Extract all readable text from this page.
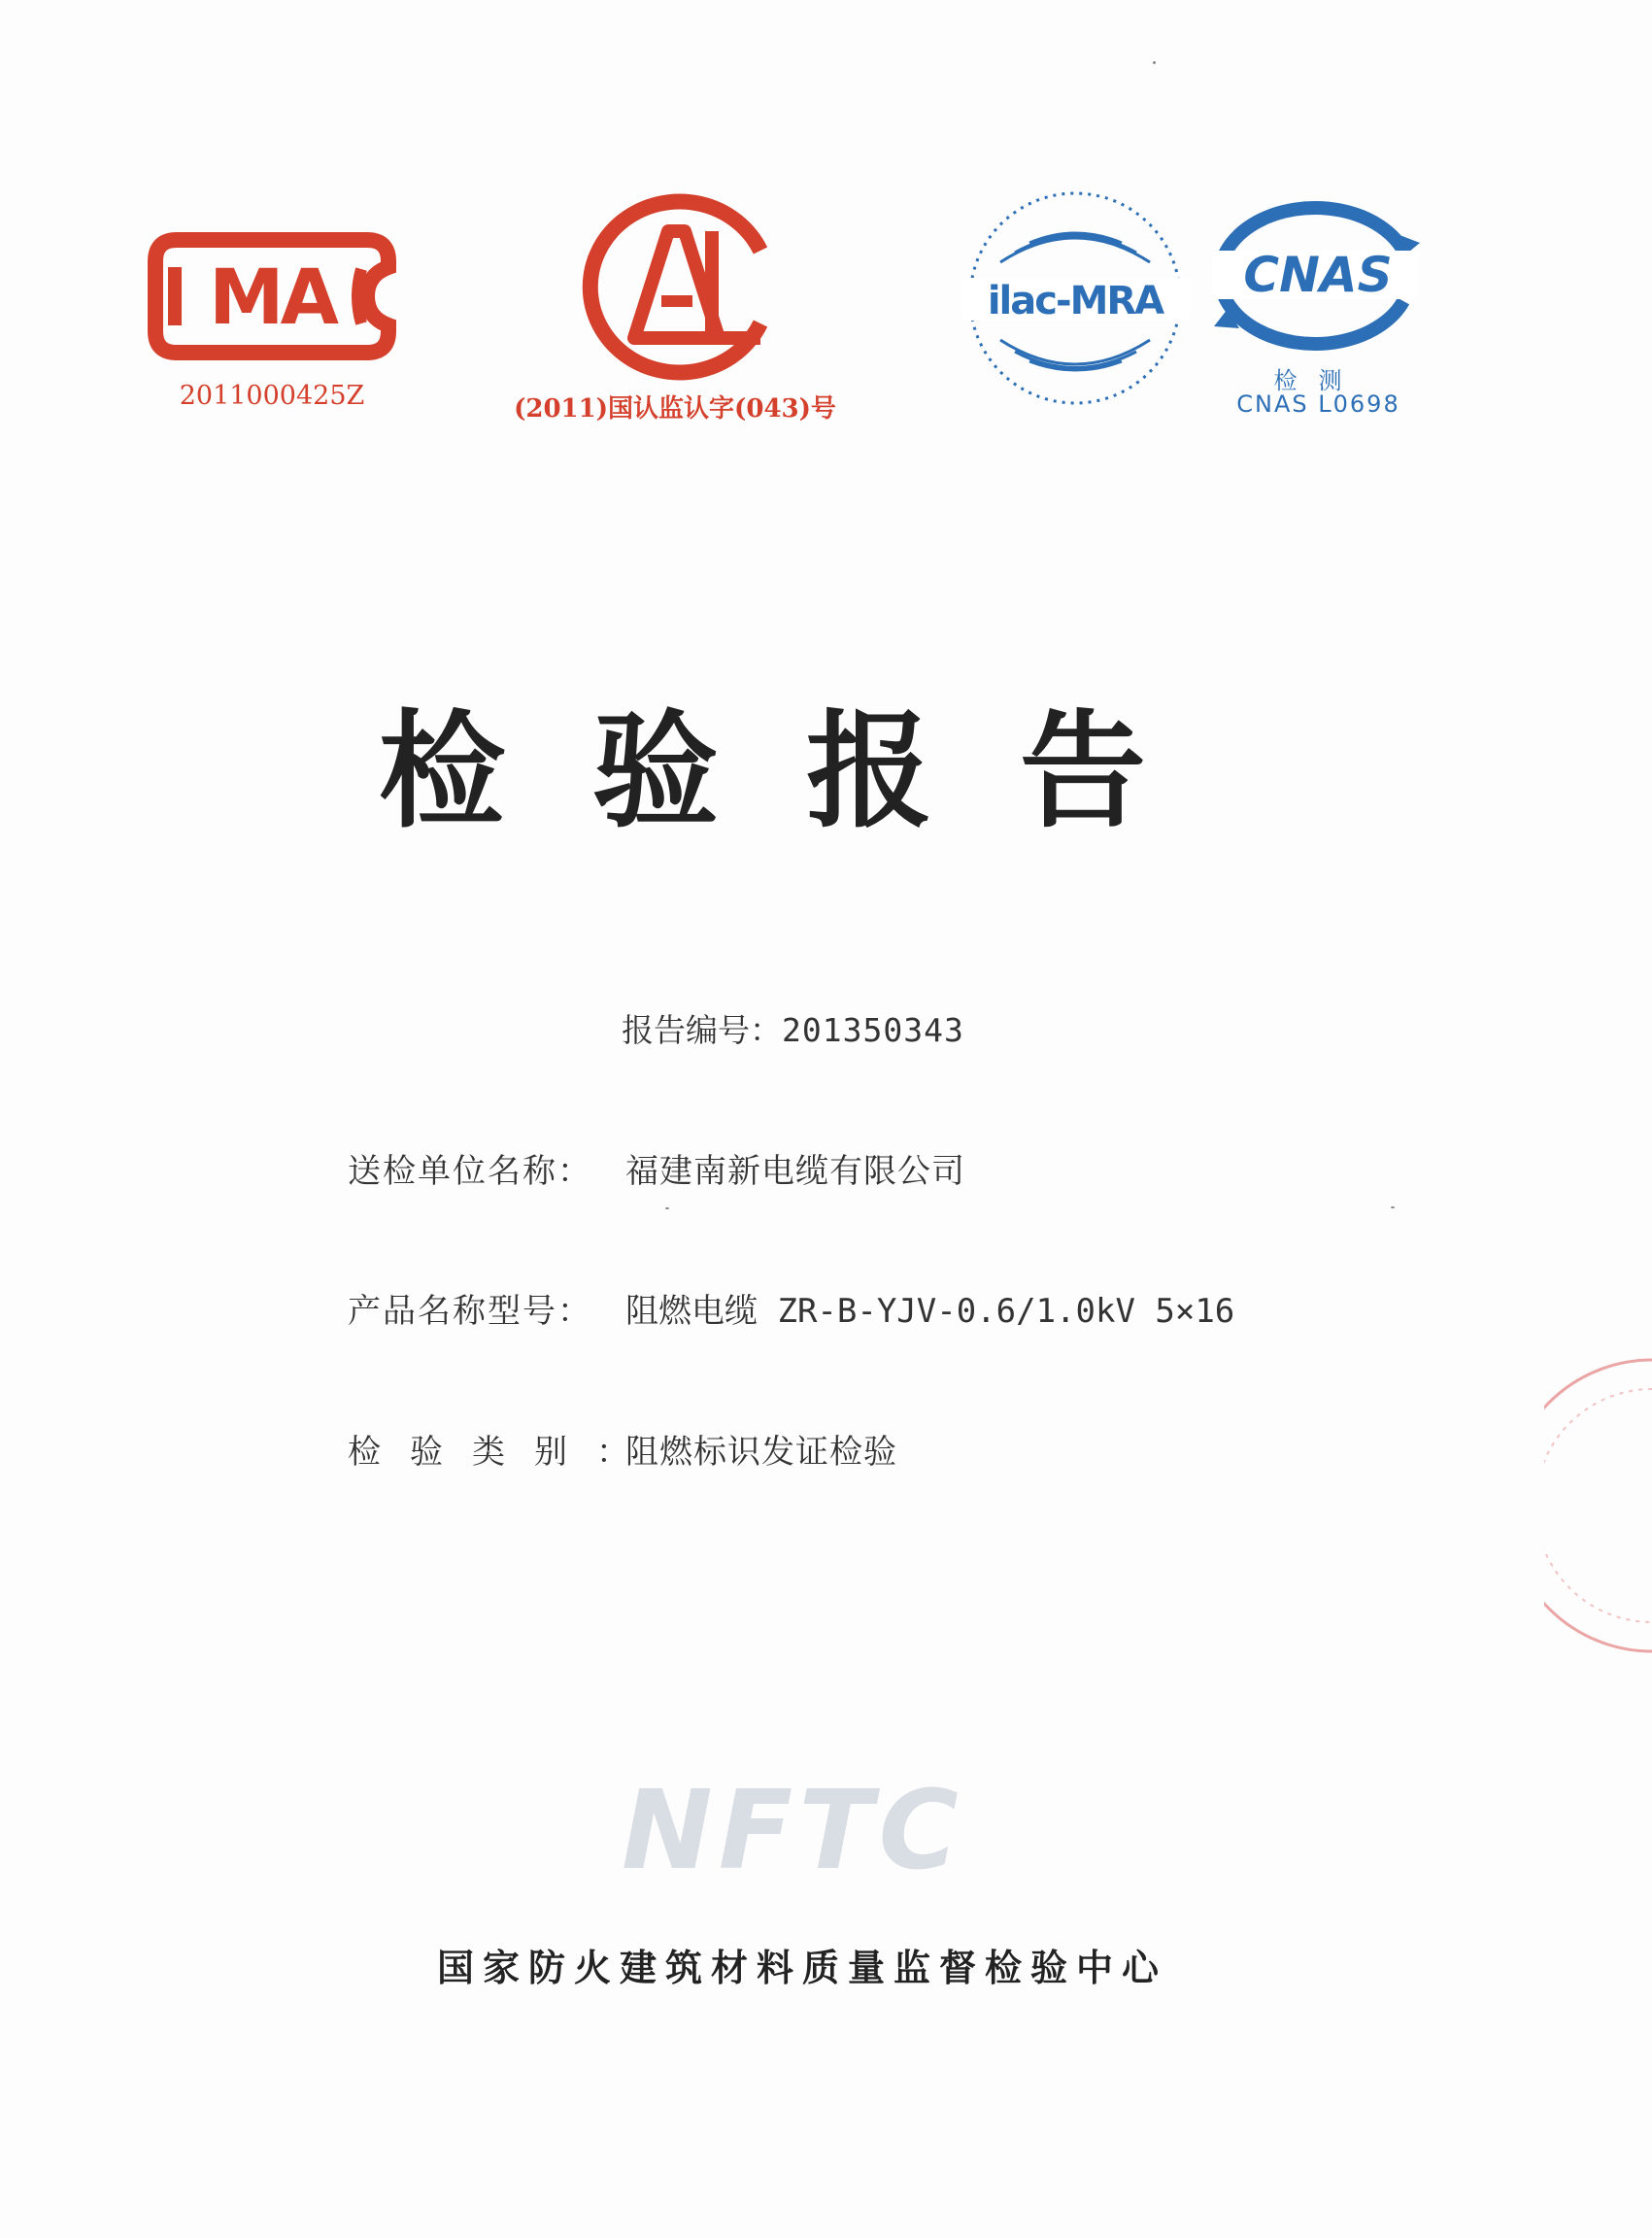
MA
2011000425Z	(2011)国认监认字(043)号
ilac-MRA CNAS
检测
CNAS L0698
检验报告
报告编号：201350343
送检单位名称： 福建南新电缆有限公司
产品名称型号： 阻燃电缆 ZR-B-YJV-0.6/1.0kV 5×16
检验类别：阻燃标识发证检验
NFTC
国家防火建筑材料质量监督检验中心
